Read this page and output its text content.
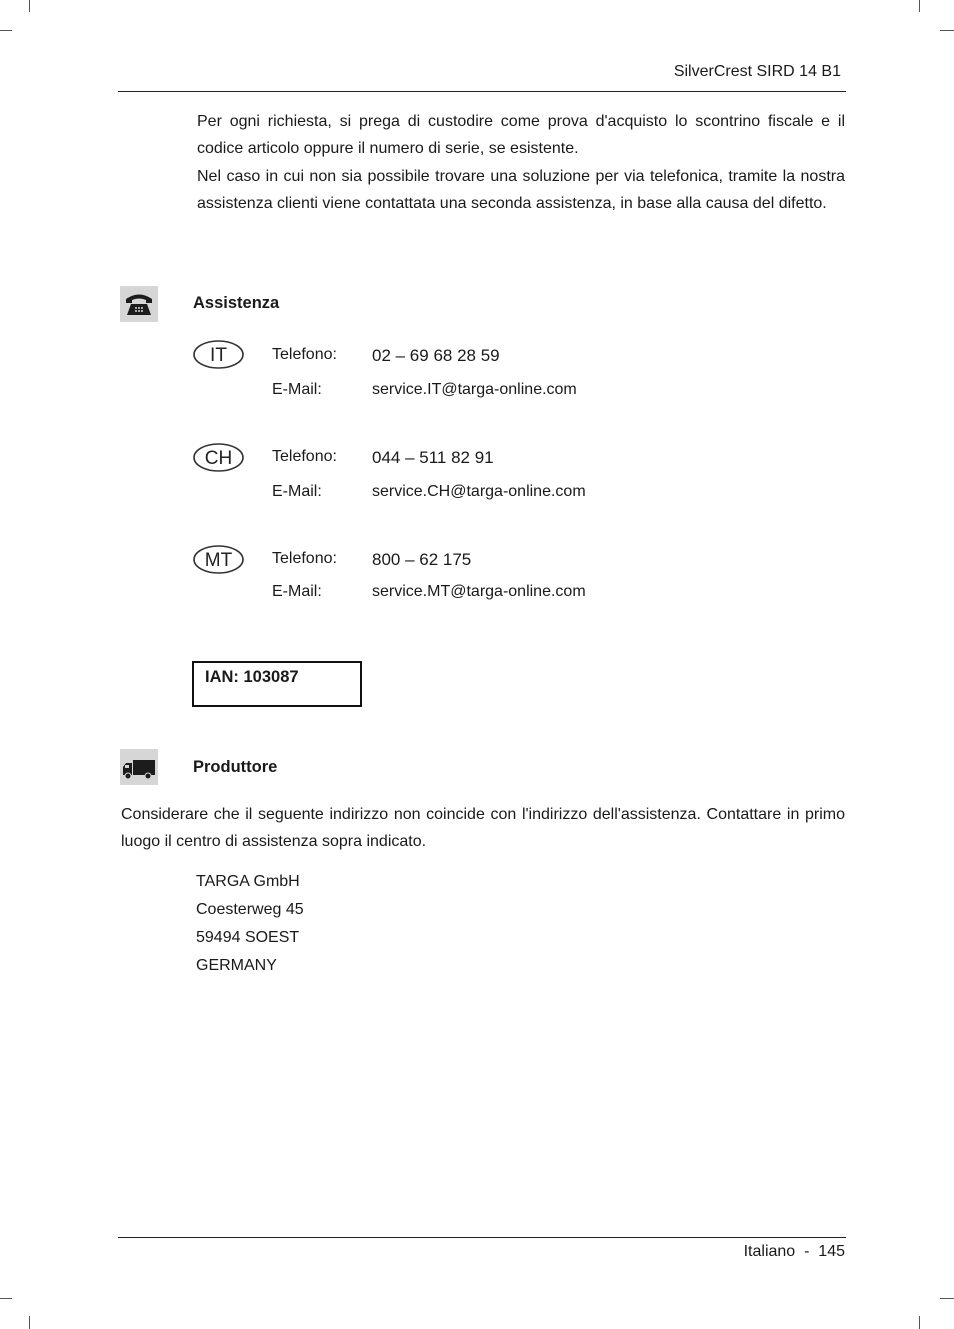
SilverCrest SIRD 14 B1

Per ogni richiesta, si prega di custodire come prova d'acquisto lo scontrino fiscale e il codice articolo oppure il numero di serie, se esistente.

Nel caso in cui non sia possibile trovare una soluzione per via telefonica, tramite la nostra assistenza clienti viene contattata una seconda assistenza, in base alla causa del difetto.

Assistenza
IT	Telefono: 02 – 69 68 28 59
E-Mail:	service.IT@targa-online.com
CH Telefono: 044 – 511 82 91
E-Mail:	service.CH@targa-online.com
MT Telefono: 800 – 62 175
E-Mail:	service.MT@targa-online.com
IAN: 103087
Produttore

Considerare che il seguente indirizzo non coincide con l'indirizzo dell'assistenza. Contattare in primo luogo il centro di assistenza sopra indicato.

TARGA GmbH
Coesterweg 45
59494 SOEST
GERMANY
Italiano  -  145
